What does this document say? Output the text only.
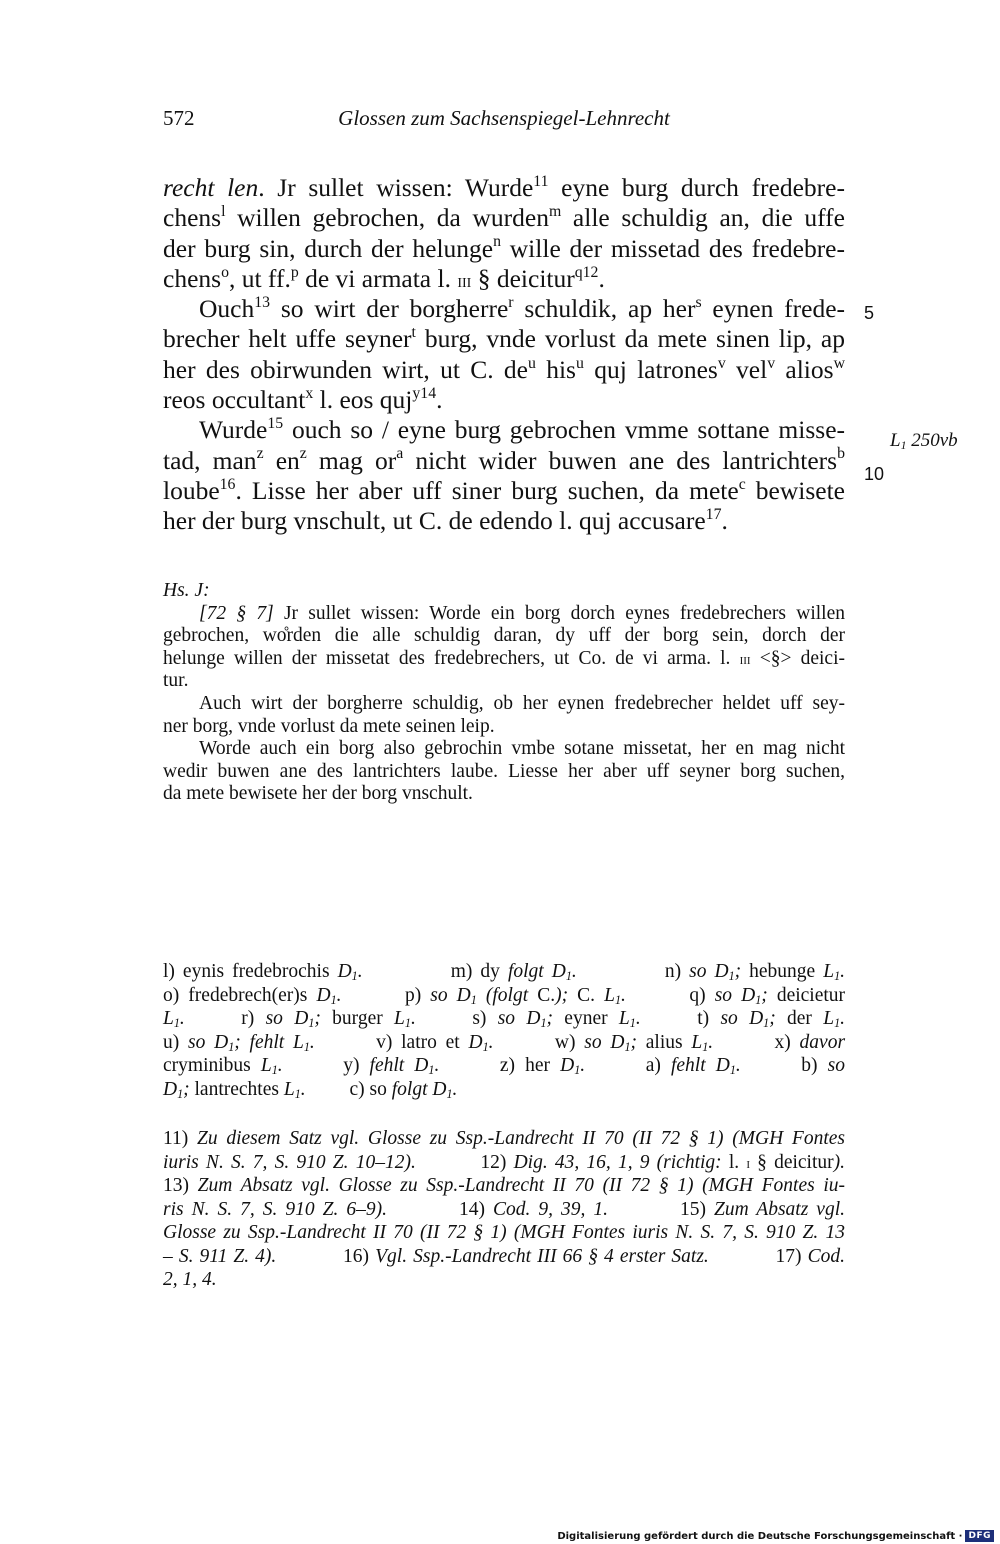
572	Glossen zum Sachsenspiegel-Lehnrecht
recht len. Jr sullet wissen: Wurde$^{11}$ eyne burg durch fredebre-
chens$^l$ willen gebrochen, da wurden$^m$ alle schuldig an, die uffe
der burg sin, durch der helunge$^n$ wille der missetad des fredebre-
chens$^o$, ut ff.$^p$ de vi armata l. iii § deicitur$^{q12}$.
Ouch$^{13}$ so wirt der borgherre$^r$ schuldik, ap her$^s$ eynen frede-
brecher helt uffe seyner$^t$ burg, vnde vorlust da mete sinen lip, ap
her des obirwunden wirt, ut C. $de^u$ his$^u$ quj latrones$^v$ vel$^v$ alios$^w$
reos occultant$^x$ l. eos quj$^{y14}$.
Wurde$^{15}$ ouch so / eyne burg gebrochen vmme sottane misse-
tad, man$^z$ $en^z$ mag $or^a$ nicht wider buwen ane des lantrichters$^b$
loube$^{16}$. Lisse her aber uff siner burg suchen, da mete$^c$ bewisete
her der burg vnschult, ut C. de edendo l. quj accusare$^{17}$.
5
10
L1 250vb
Hs. J:
[72 § 7] Jr sullet wissen: Worde ein borg dorch eynes fredebrechers willen
gebrochen, wo̊rden die alle schuldig daran, dy uff der borg sein, dorch der
helunge willen der missetat des fredebrechers, ut Co. de vi arma. l. iii <§> deici-
tur.
Auch wirt der borgherre schuldig, ob her eynen fredebrecher heldet uff sey-
ner borg, vnde vorlust da mete seinen leip.
Worde auch ein borg also gebrochin vmbe sotane missetat, her en mag nicht
wedir buwen ane des lantrichters laube. Liesse her aber uff seyner borg suchen,
da mete bewisete her der borg vnschult.
l) eynis fredebrochis D1.           m) dy folgt D1.           n) so D1; hebunge L1.
o) fredebrech(er)s D1.       p) so D1 (folgt C.); C. L1.       q) so D1; deicietur
L1.     r) so D1; burger L1.     s) so D1; eyner L1.     t) so D1; der L1.
u) so D1; fehlt L1.       v) latro et D1.       w) so D1; alius L1.       x) davor
cryminibus L1.      y) fehlt D1.      z) her D1.      a) fehlt D1.      b) so
D1; lantrechtes L1.         c) so folgt D1.
11) Zu diesem Satz vgl. Glosse zu Ssp.-Landrecht II 70 (II 72 § 1) (MGH Fontes
iuris N. S. 7, S. 910 Z. 10–12).         12) Dig. 43, 16, 1, 9 (richtig: l. i § deicitur).
13) Zum Absatz vgl. Glosse zu Ssp.-Landrecht II 70 (II 72 § 1) (MGH Fontes iu-
ris N. S. 7, S. 910 Z. 6–9).         14) Cod. 9, 39, 1.         15) Zum Absatz vgl.
Glosse zu Ssp.-Landrecht II 70 (II 72 § 1) (MGH Fontes iuris N. S. 7, S. 910 Z. 13
– S. 911 Z. 4).           16) Vgl. Ssp.-Landrecht III 66 § 4 erster Satz.           17) Cod.
2, 1, 4.
Digitalisierung gefördert durch die Deutsche Forschungsgemeinschaft · DFG
